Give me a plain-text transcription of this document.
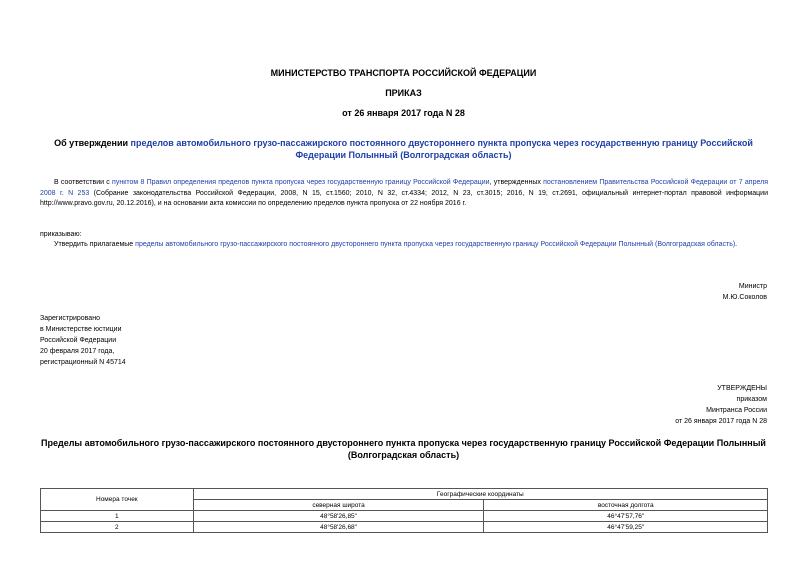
МИНИСТЕРСТВО ТРАНСПОРТА РОССИЙСКОЙ ФЕДЕРАЦИИ
ПРИКАЗ
от 26 января 2017 года N 28
Об утверждении пределов автомобильного грузо-пассажирского постоянного двустороннего пункта пропуска через государственную границу Российской Федерации Полынный (Волгоградская область)
В соответствии с пунктом 8 Правил определения пределов пункта пропуска через государственную границу Российской Федерации, утвержденных постановлением Правительства Российской Федерации от 7 апреля 2008 г. N 253 (Собрание законодательства Российской Федерации, 2008, N 15, ст.1560; 2010, N 32, ст.4334; 2012, N 23, ст.3015; 2016, N 19, ст.2691, официальный интернет-портал правовой информации http://www.pravo.gov.ru, 20.12.2016), и на основании акта комиссии по определению пределов пункта пропуска от 22 ноября 2016 г.
приказываю:
Утвердить прилагаемые пределы автомобильного грузо-пассажирского постоянного двустороннего пункта пропуска через государственную границу Российской Федерации Полынный (Волгоградская область).
Министр
М.Ю.Соколов
Зарегистрировано
в Министерстве юстиции
Российской Федерации
20 февраля 2017 года,
регистрационный N 45714
УТВЕРЖДЕНЫ
приказом
Минтранса России
от 26 января 2017 года N 28
Пределы автомобильного грузо-пассажирского постоянного двустороннего пункта пропуска через государственную границу Российской Федерации Полынный (Волгоградская область)
Номера точек	Географические координаты	
	северная широта	восточная долгота
1	48°58'26,85"	46°47'57,76"
2	48°58'26,68"	46°47'59,25"
